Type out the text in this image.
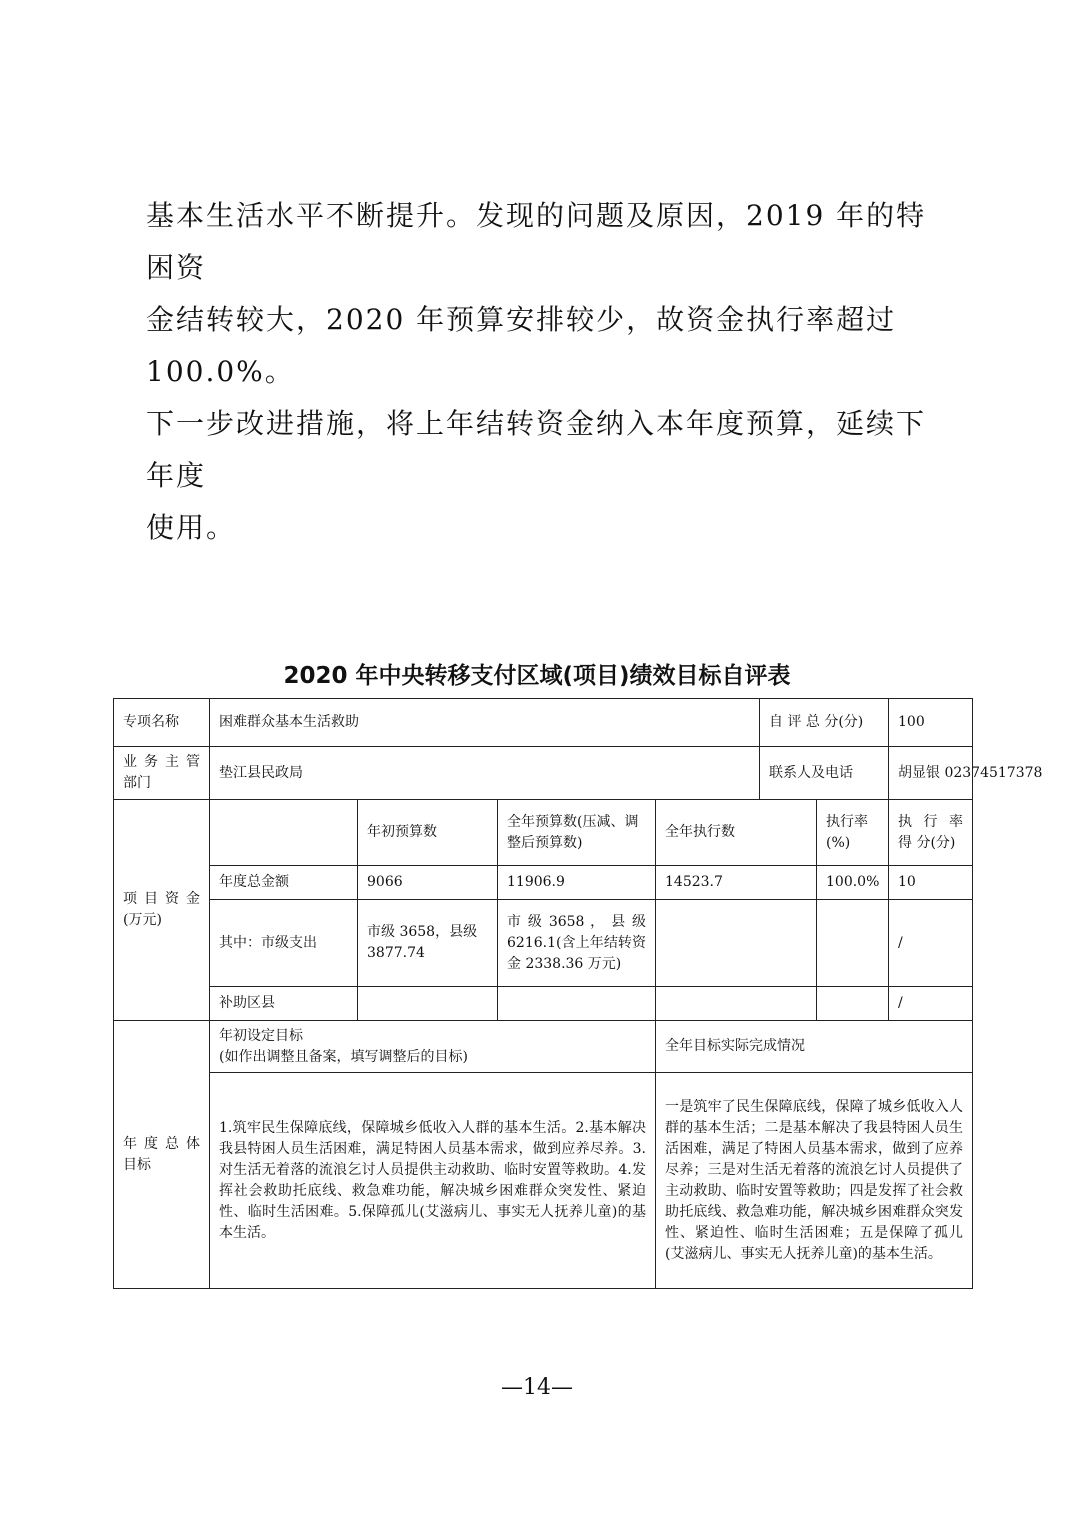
基本生活水平不断提升。发现的问题及原因，2019 年的特困资

金结转较大，2020 年预算安排较少，故资金执行率超过 100.0%。

下一步改进措施，将上年结转资金纳入本年度预算，延续下年度

使用。

2020 年中央转移支付区域(项目)绩效目标自评表
专项名称	困难群众基本生活救助				自 评 总 分(分)		100
业 务 主 管部门	垫江县民政局				联系人及电话		胡显银 02374517378
项 目 资 金(万元)		年初预算数	全年预算数(压减、调整后预算数)	全年执行数		执行率(%)	执 行 率 得 分(分)
	年度总金额	9066	11906.9	14523.7		100.0%	10
	其中：市级支出	市级 3658，县级3877.74	市 级 3658 ， 县 级6216.1(含上年结转资金 2338.36 万元)				/
	补助区县						/
年 度 总 体目标	年初设定目标
(如作出调整且备案，填写调整后的目标)			全年目标实际完成情况			
	1.筑牢民生保障底线，保障城乡低收入人群的基本生活。2.基本解决我县特困人员生活困难，满足特困人员基本需求，做到应养尽养。3.对生活无着落的流浪乞讨人员提供主动救助、临时安置等救助。4.发挥社会救助托底线、救急难功能，解决城乡困难群众突发性、紧迫性、临时生活困难。5.保障孤儿(艾滋病儿、事实无人抚养儿童)的基本生活。			一是筑牢了民生保障底线，保障了城乡低收入人群的基本生活；二是基本解决了我县特困人员生活困难，满足了特困人员基本需求，做到了应养尽养；三是对生活无着落的流浪乞讨人员提供了主动救助、临时安置等救助；四是发挥了社会救助托底线、救急难功能，解决城乡困难群众突发性、紧迫性、临时生活困难；五是保障了孤儿(艾滋病儿、事实无人抚养儿童)的基本生活。			
—14—
